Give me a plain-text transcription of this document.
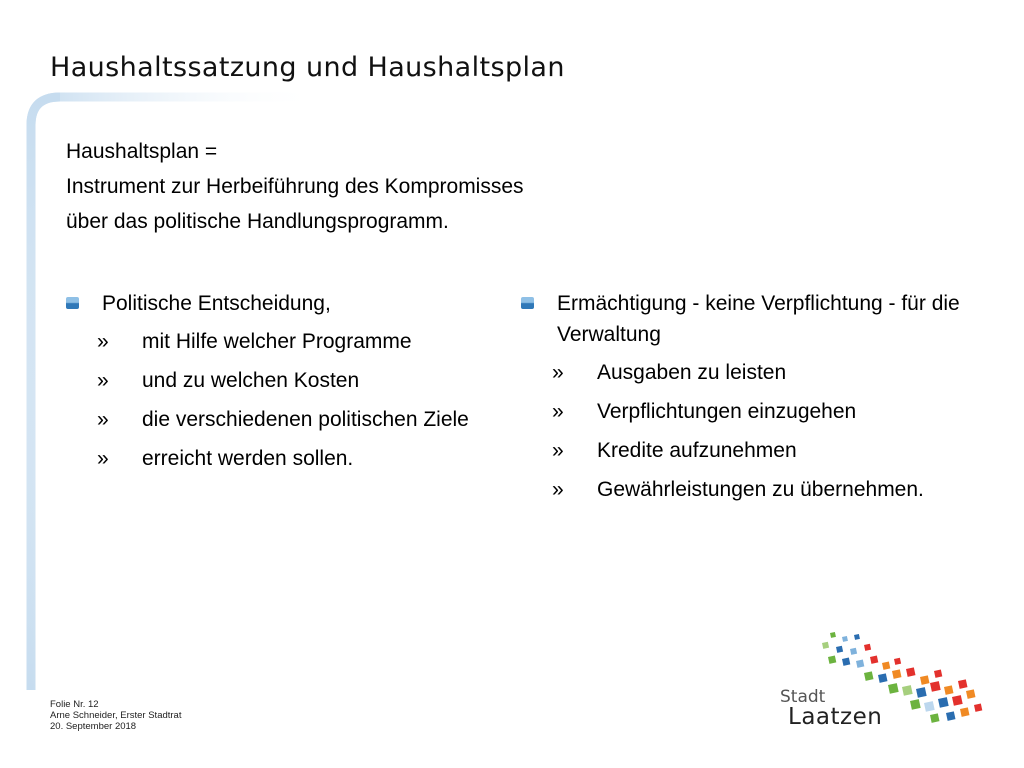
Haushaltssatzung und Haushaltsplan
Haushaltsplan =
Instrument zur Herbeiführung des Kompromisses
über das politische Handlungsprogramm.
Politische Entscheidung,
» mit Hilfe welcher Programme
» und zu welchen Kosten
» die verschiedenen politischen Ziele
» erreicht werden sollen.
Ermächtigung - keine Verpflichtung - für die Verwaltung
» Ausgaben zu leisten
» Verpflichtungen einzugehen
» Kredite aufzunehmen
» Gewährleistungen zu übernehmen.
Folie Nr. 12
Arne Schneider, Erster Stadtrat
20. September 2018
Stadt
Laatzen
